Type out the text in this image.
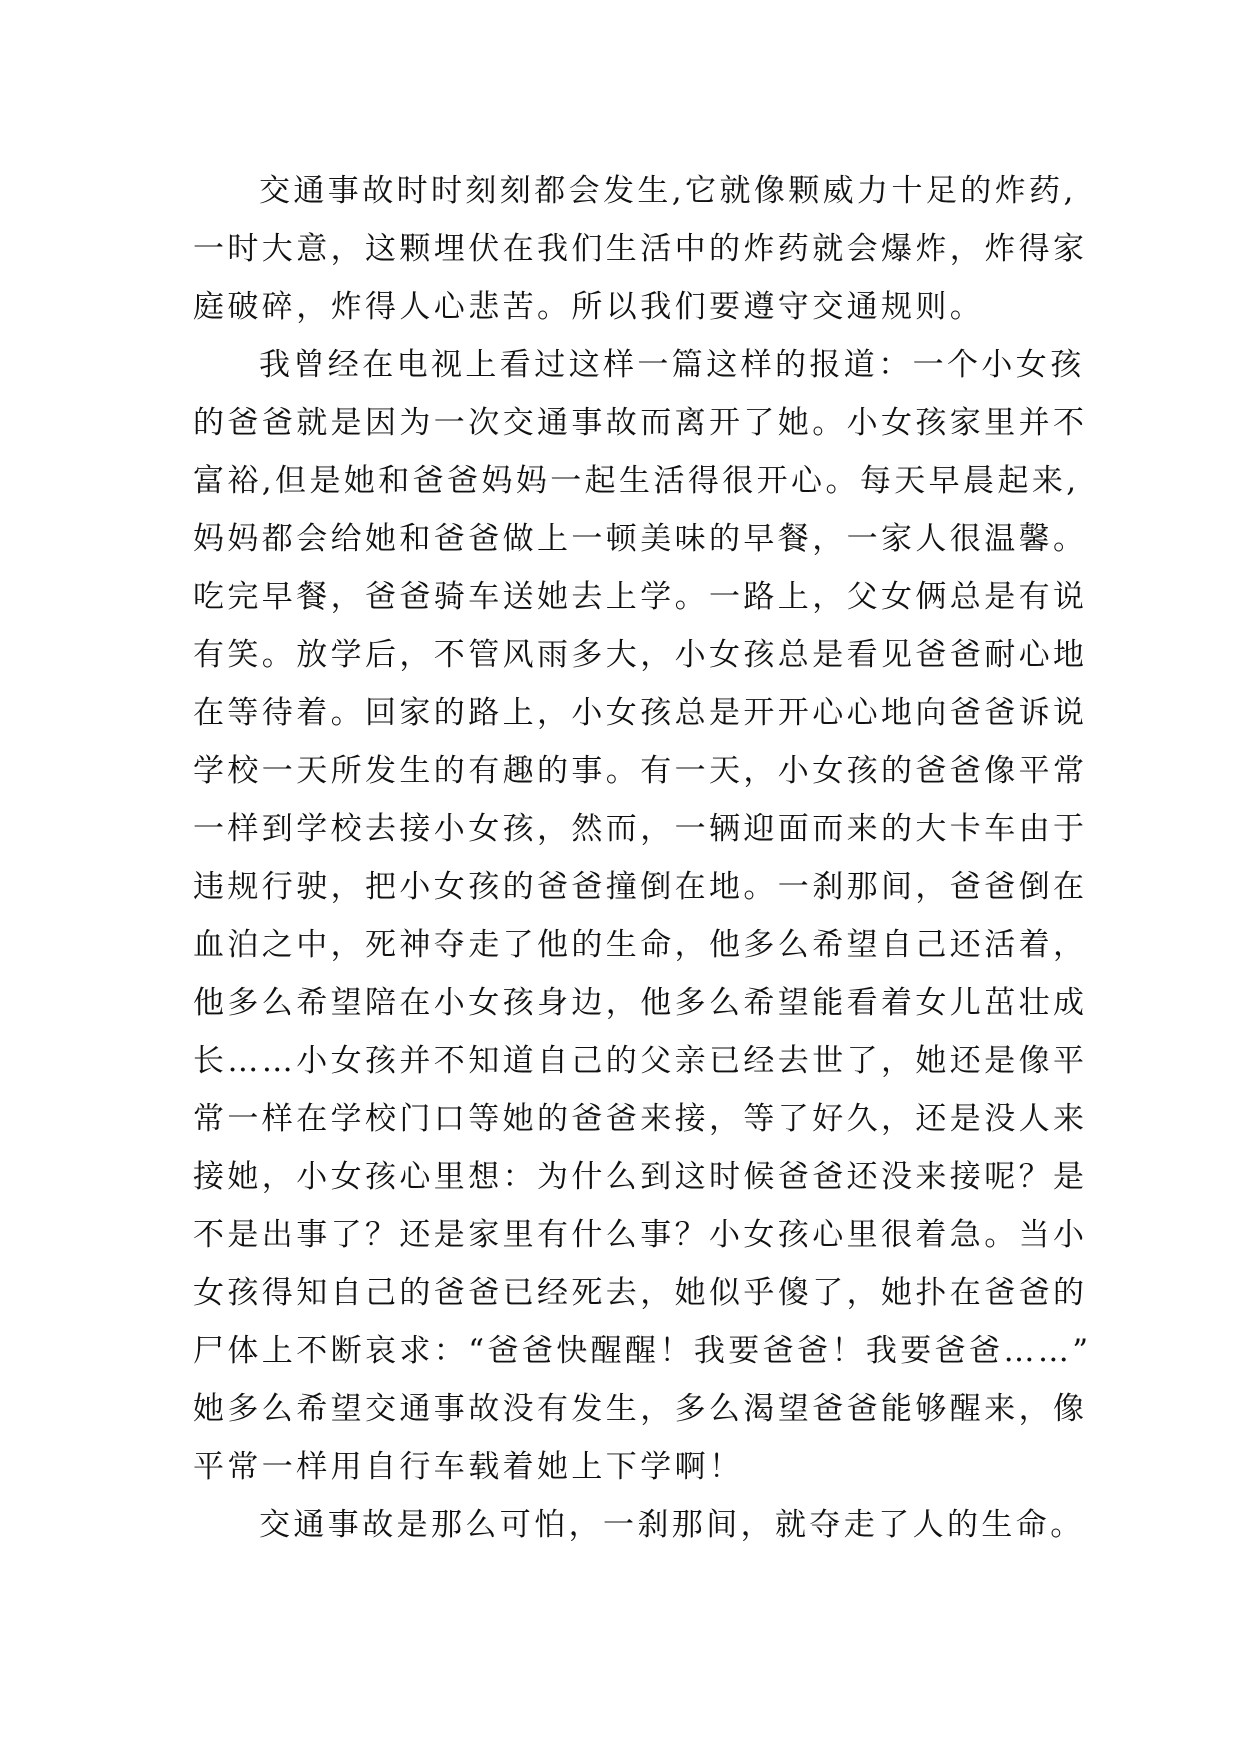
交通事故时时刻刻都会发生,它就像颗威力十足的炸药,
一时大意，这颗埋伏在我们生活中的炸药就会爆炸，炸得家
庭破碎，炸得人心悲苦。所以我们要遵守交通规则。
我曾经在电视上看过这样一篇这样的报道：一个小女孩
的爸爸就是因为一次交通事故而离开了她。小女孩家里并不
富裕,但是她和爸爸妈妈一起生活得很开心。每天早晨起来,
妈妈都会给她和爸爸做上一顿美味的早餐，一家人很温馨。
吃完早餐，爸爸骑车送她去上学。一路上，父女俩总是有说
有笑。放学后，不管风雨多大，小女孩总是看见爸爸耐心地
在等待着。回家的路上，小女孩总是开开心心地向爸爸诉说
学校一天所发生的有趣的事。有一天，小女孩的爸爸像平常
一样到学校去接小女孩，然而，一辆迎面而来的大卡车由于
违规行驶，把小女孩的爸爸撞倒在地。一刹那间，爸爸倒在
血泊之中，死神夺走了他的生命，他多么希望自己还活着，
他多么希望陪在小女孩身边，他多么希望能看着女儿茁壮成
长……小女孩并不知道自己的父亲已经去世了，她还是像平
常一样在学校门口等她的爸爸来接，等了好久，还是没人来
接她，小女孩心里想：为什么到这时候爸爸还没来接呢？是
不是出事了？还是家里有什么事？小女孩心里很着急。当小
女孩得知自己的爸爸已经死去，她似乎傻了，她扑在爸爸的
尸体上不断哀求：“爸爸快醒醒！我要爸爸！我要爸爸……”
她多么希望交通事故没有发生，多么渴望爸爸能够醒来，像
平常一样用自行车载着她上下学啊！
交通事故是那么可怕，一刹那间，就夺走了人的生命。
